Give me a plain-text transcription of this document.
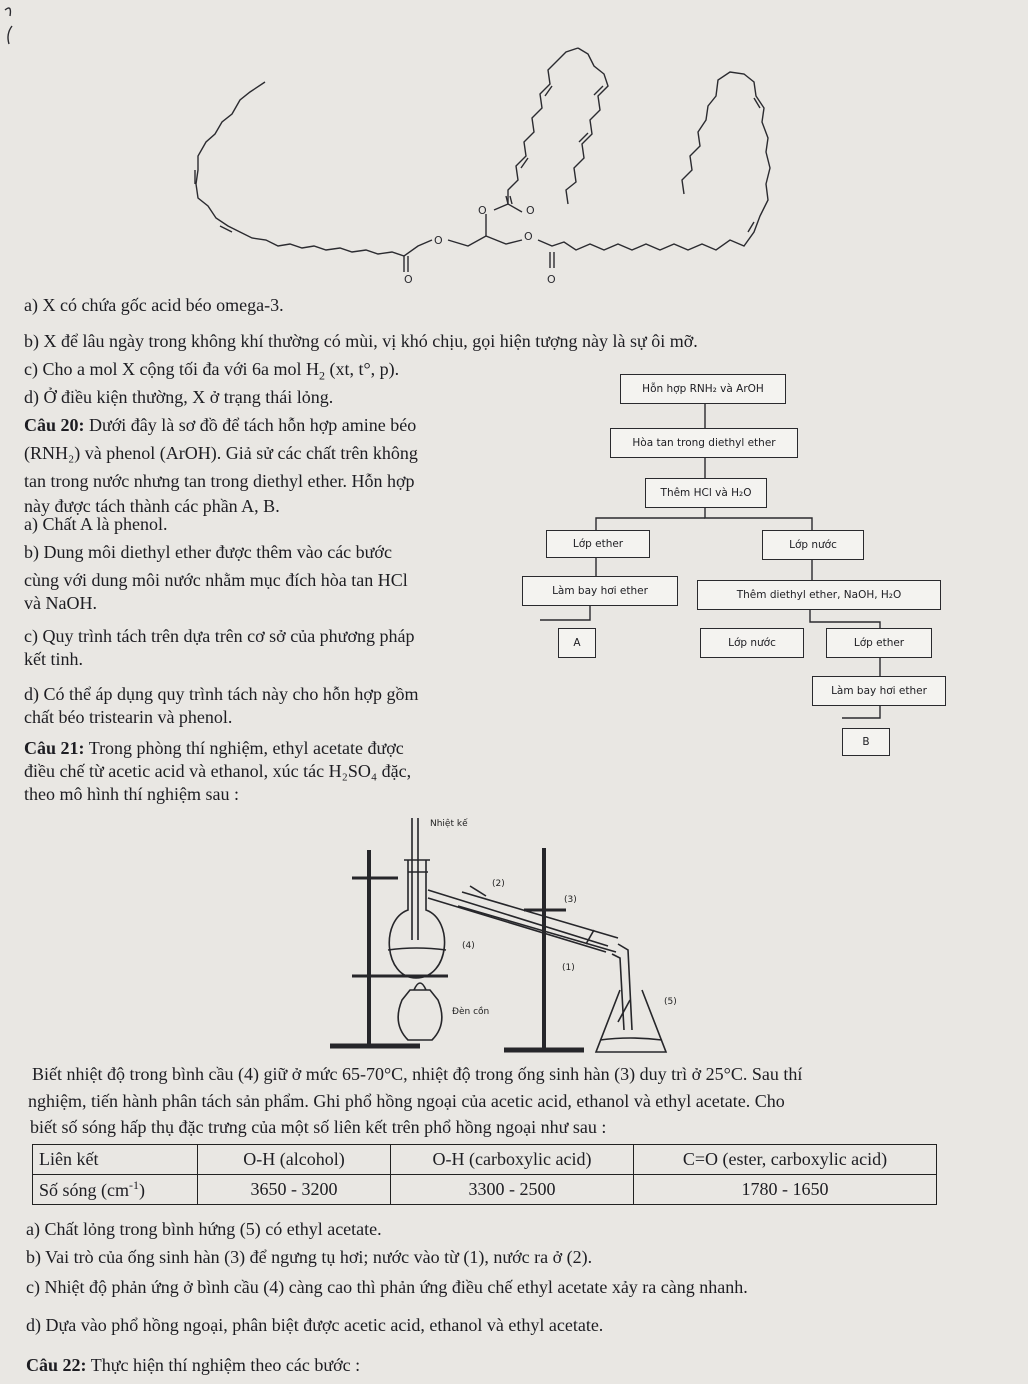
O
O
O	O
O
O
a) X có chứa gốc acid béo omega-3.
b) X để lâu ngày trong không khí thường có mùi, vị khó chịu, gọi hiện tượng này là sự ôi mỡ.
c) Cho a mol X cộng tối đa với 6a mol $H_2$ (xt, t°, p).
d) Ở điều kiện thường, X ở trạng thái lỏng.
Câu 20: Dưới đây là sơ đồ để tách hỗn hợp amine béo
(RNH₂) và phenol (ArOH). Giả sử các chất trên không
tan trong nước nhưng tan trong diethyl ether. Hỗn hợp
này được tách thành các phần A, B.
a) Chất A là phenol.
b) Dung môi diethyl ether được thêm vào các bước
cùng với dung môi nước nhằm mục đích hòa tan HCl
và NaOH.
c) Quy trình tách trên dựa trên cơ sở của phương pháp
kết tinh.
d) Có thể áp dụng quy trình tách này cho hỗn hợp gồm
chất béo tristearin và phenol.
Hỗn hợp RNH₂ và ArOH
Hòa tan trong diethyl ether
Thêm HCl và H₂O
Lớp ether	Lớp nước
Làm bay hơi ether	Thêm diethyl ether, NaOH, H₂O
A	Lớp nước	Lớp ether
Làm bay hơi ether
B
Câu 21: Trong phòng thí nghiệm, ethyl acetate được
điều chế từ acetic acid và ethanol, xúc tác H₂SO₄ đặc,
theo mô hình thí nghiệm sau :
Nhiệt kế
(2)
(3)
(4)
(1)
Đèn cồn
(5)
Biết nhiệt độ trong bình cầu (4) giữ ở mức 65-70°C, nhiệt độ trong ống sinh hàn (3) duy trì ở 25°C. Sau thí
nghiệm, tiến hành phân tách sản phẩm. Ghi phổ hồng ngoại của acetic acid, ethanol và ethyl acetate. Cho
biết số sóng hấp thụ đặc trưng của một số liên kết trên phổ hồng ngoại như sau :
Liên kết	O-H (alcohol)	O-H (carboxylic acid)	C=O (ester, carboxylic acid)
Số sóng $(cm^{-1})$	3650 - 3200	3300 - 2500	1780 - 1650
a) Chất lỏng trong bình hứng (5) có ethyl acetate.
b) Vai trò của ống sinh hàn (3) để ngưng tụ hơi; nước vào từ (1), nước ra ở (2).
c) Nhiệt độ phản ứng ở bình cầu (4) càng cao thì phản ứng điều chế ethyl acetate xảy ra càng nhanh.
d) Dựa vào phổ hồng ngoại, phân biệt được acetic acid, ethanol và ethyl acetate.
Câu 22: Thực hiện thí nghiệm theo các bước :
